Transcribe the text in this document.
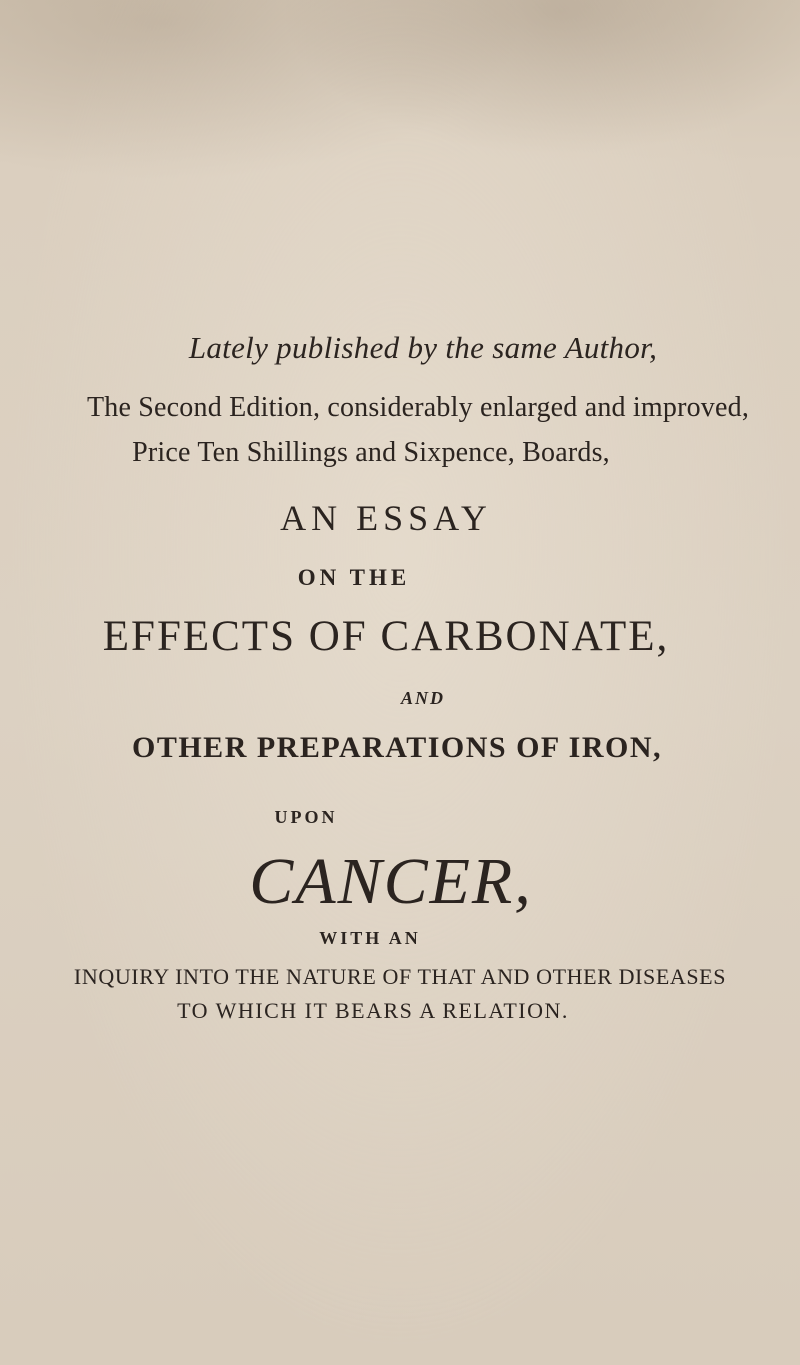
Lately published by the same Author,
The Second Edition, considerably enlarged and improved,
Price Ten Shillings and Sixpence, Boards,
AN ESSAY
ON THE
EFFECTS OF CARBONATE,
AND
OTHER PREPARATIONS OF IRON,
UPON
CANCER,
WITH AN
INQUIRY INTO THE NATURE OF THAT AND OTHER DISEASES
TO WHICH IT BEARS A RELATION.
